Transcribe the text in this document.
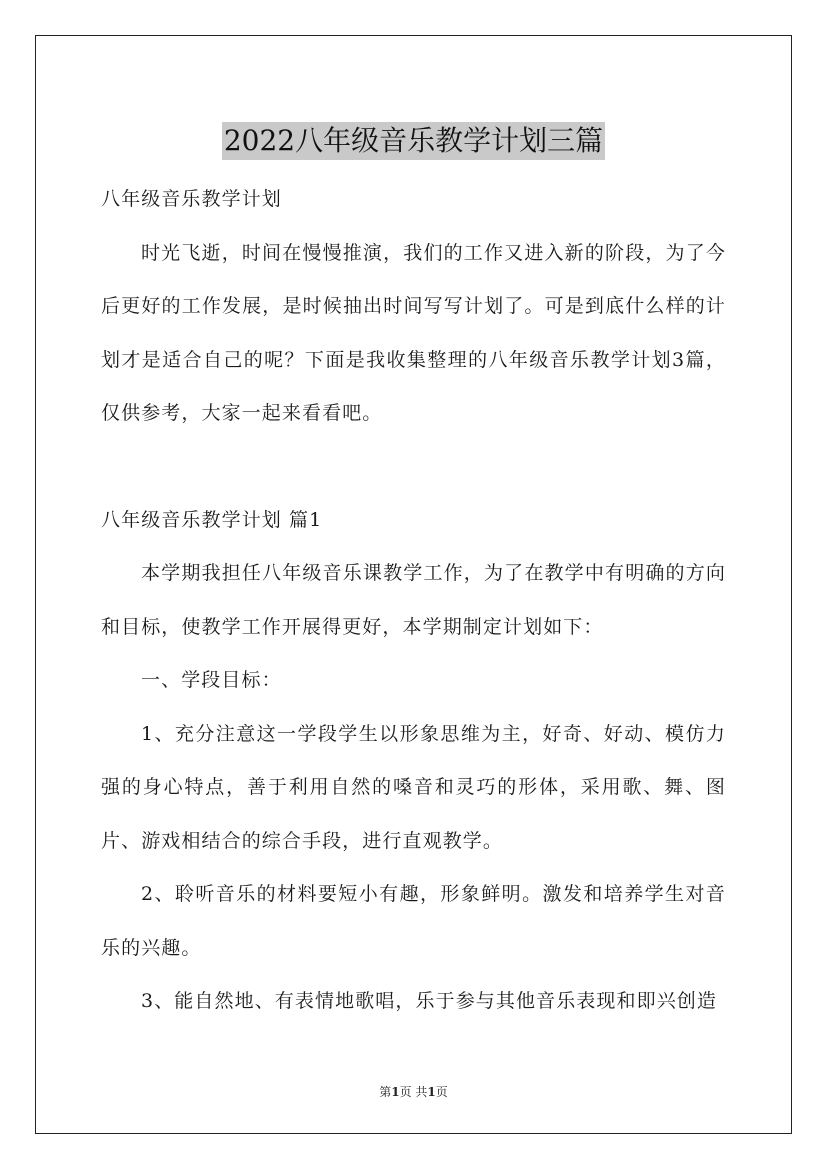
2022八年级音乐教学计划三篇

八年级音乐教学计划

时光飞逝，时间在慢慢推演，我们的工作又进入新的阶段，为了今后更好的工作发展，是时候抽出时间写写计划了。可是到底什么样的计划才是适合自己的呢？下面是我收集整理的八年级音乐教学计划3篇，仅供参考，大家一起来看看吧。

八年级音乐教学计划 篇1

本学期我担任八年级音乐课教学工作，为了在教学中有明确的方向和目标，使教学工作开展得更好，本学期制定计划如下：

一、学段目标：

1、充分注意这一学段学生以形象思维为主，好奇、好动、模仿力强的身心特点，善于利用自然的嗓音和灵巧的形体，采用歌、舞、图片、游戏相结合的综合手段，进行直观教学。

2、聆听音乐的材料要短小有趣，形象鲜明。激发和培养学生对音乐的兴趣。

3、能自然地、有表情地歌唱，乐于参与其他音乐表现和即兴创造

第1页 共1页
